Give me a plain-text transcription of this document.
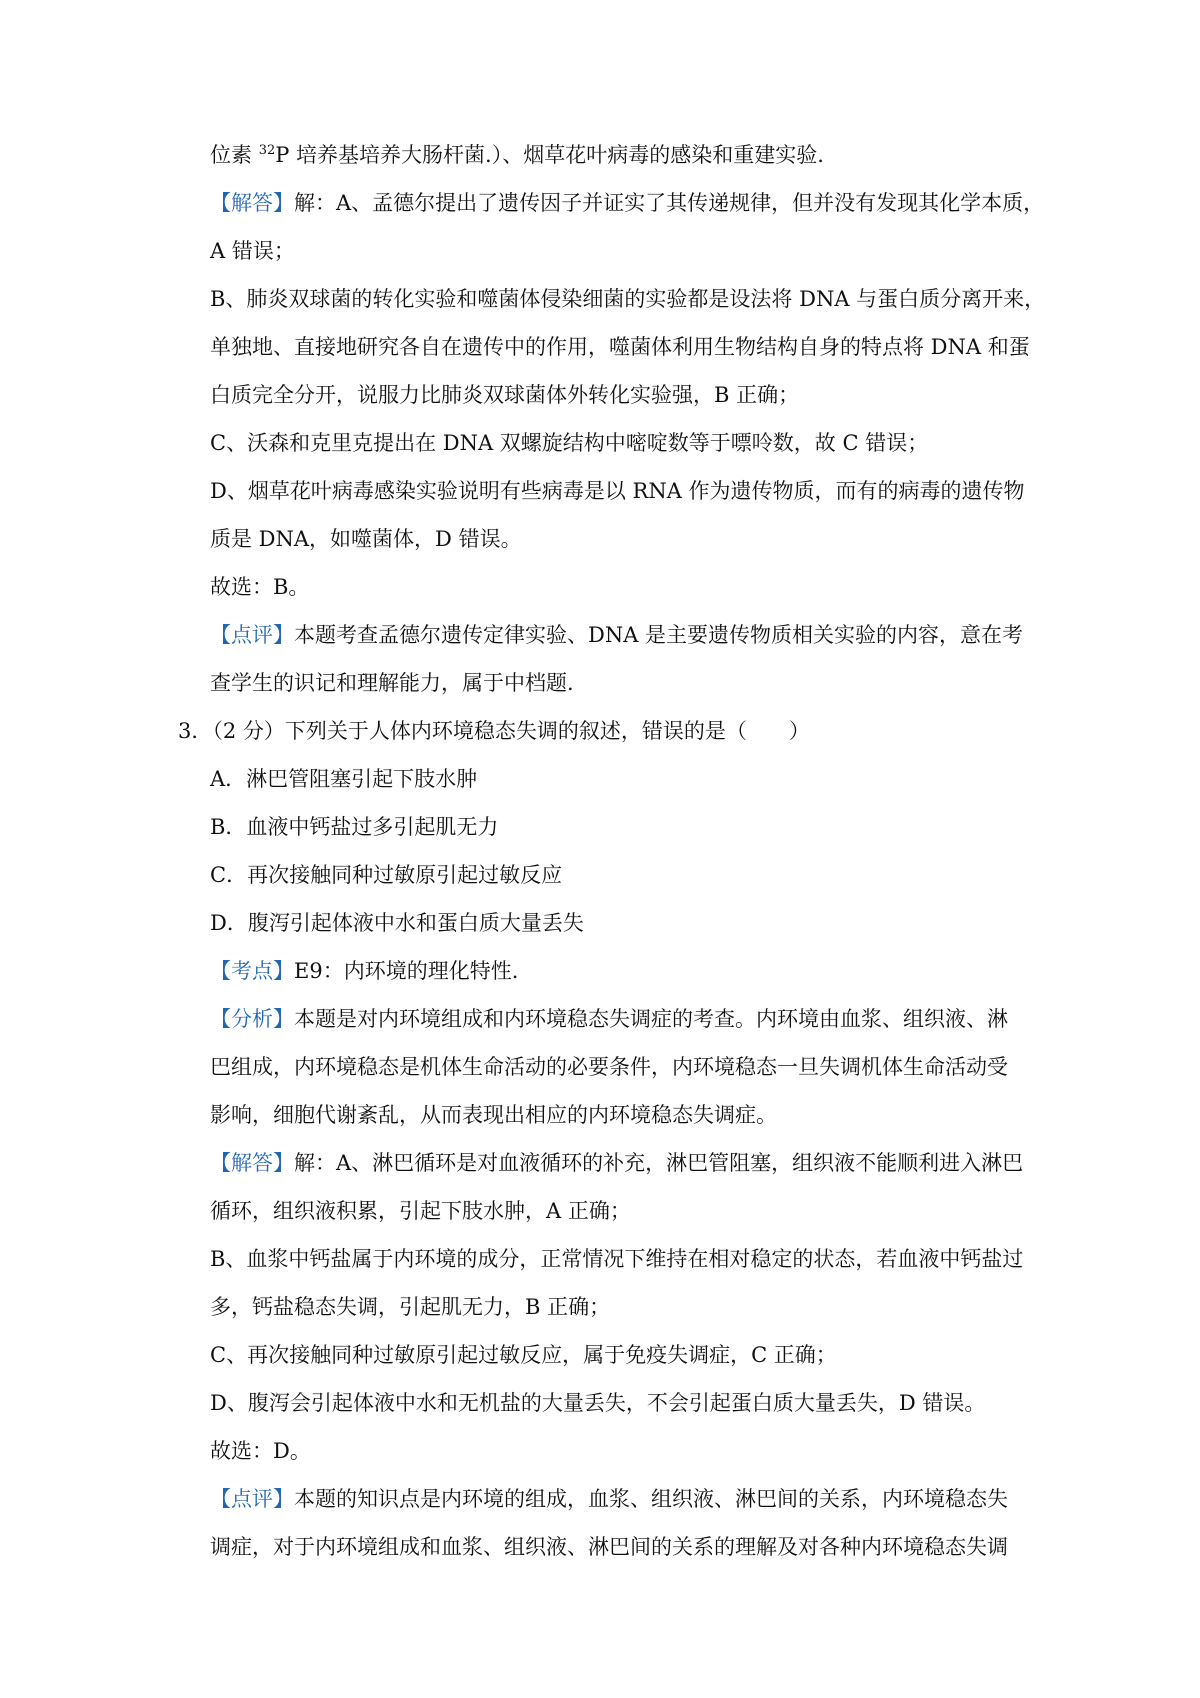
位素 $^{32}$P 培养基培养大肠杆菌.）、烟草花叶病毒的感染和重建实验.
【解答】解：A、孟德尔提出了遗传因子并证实了其传递规律，但并没有发现其化学本质，
A 错误；
B、肺炎双球菌的转化实验和噬菌体侵染细菌的实验都是设法将 DNA 与蛋白质分离开来，
单独地、直接地研究各自在遗传中的作用，噬菌体利用生物结构自身的特点将 DNA 和蛋
白质完全分开，说服力比肺炎双球菌体外转化实验强，B 正确；
C、沃森和克里克提出在 DNA 双螺旋结构中嘧啶数等于嘌呤数，故 C 错误；
D、烟草花叶病毒感染实验说明有些病毒是以 RNA 作为遗传物质，而有的病毒的遗传物
质是 DNA，如噬菌体，D 错误。
故选：B。
【点评】本题考查孟德尔遗传定律实验、DNA 是主要遗传物质相关实验的内容，意在考
查学生的识记和理解能力，属于中档题.
3．（2 分）下列关于人体内环境稳态失调的叙述，错误的是（　　）
A．淋巴管阻塞引起下肢水肿
B．血液中钙盐过多引起肌无力
C．再次接触同种过敏原引起过敏反应
D．腹泻引起体液中水和蛋白质大量丢失
【考点】E9：内环境的理化特性.
【分析】本题是对内环境组成和内环境稳态失调症的考查。内环境由血浆、组织液、淋
巴组成，内环境稳态是机体生命活动的必要条件，内环境稳态一旦失调机体生命活动受
影响，细胞代谢紊乱，从而表现出相应的内环境稳态失调症。
【解答】解：A、淋巴循环是对血液循环的补充，淋巴管阻塞，组织液不能顺利进入淋巴
循环，组织液积累，引起下肢水肿，A 正确；
B、血浆中钙盐属于内环境的成分，正常情况下维持在相对稳定的状态，若血液中钙盐过
多，钙盐稳态失调，引起肌无力，B 正确；
C、再次接触同种过敏原引起过敏反应，属于免疫失调症，C 正确；
D、腹泻会引起体液中水和无机盐的大量丢失，不会引起蛋白质大量丢失，D 错误。
故选：D。
【点评】本题的知识点是内环境的组成，血浆、组织液、淋巴间的关系，内环境稳态失
调症，对于内环境组成和血浆、组织液、淋巴间的关系的理解及对各种内环境稳态失调
